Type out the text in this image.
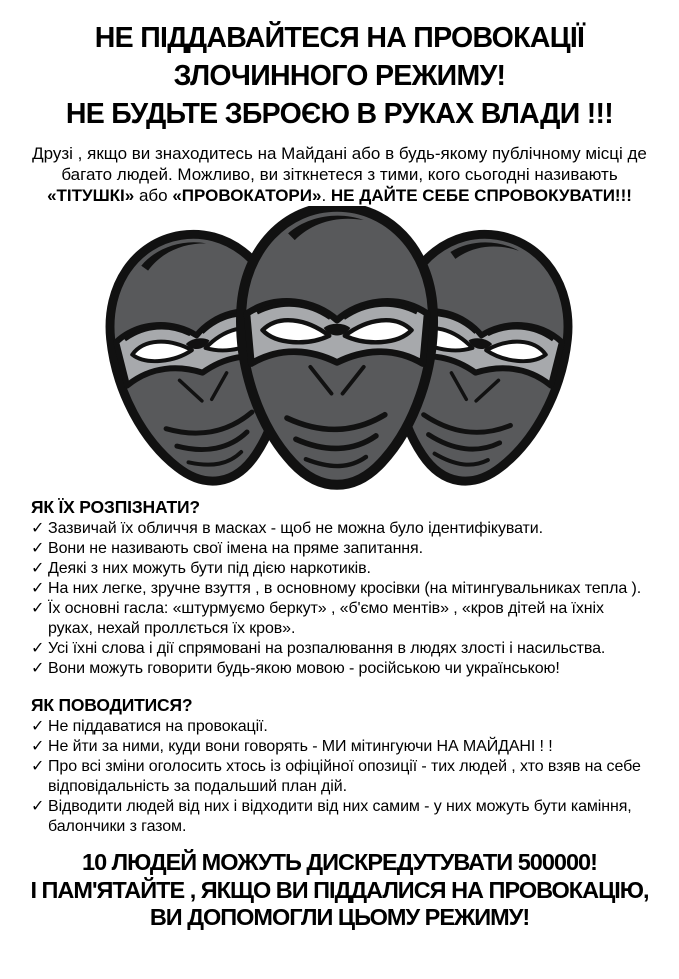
НЕ ПІДДАВАЙТЕСЯ НА ПРОВОКАЦІЇ
ЗЛОЧИННОГО РЕЖИМУ!
НЕ БУДЬТЕ ЗБРОЄЮ В РУКАХ ВЛАДИ !!!

Друзі , якщо ви знаходитесь на Майдані або в будь-якому публічному місці де багато людей. Можливо, ви зіткнетеся з тими, кого сьогодні називають «ТІТУШКІ» або «ПРОВОКАТОРИ». НЕ ДАЙТЕ СЕБЕ СПРОВОКУВАТИ!!!

ЯК ЇХ РОЗПІЗНАТИ?
✓ Зазвичай їх обличчя в масках - щоб не можна було ідентифікувати.
✓ Вони не називають свої імена на пряме запитання.
✓ Деякі з них можуть бути під дією наркотиків.
✓ На них легке, зручне взуття , в основному кросівки (на мітингувальниках тепла ).
✓ Їх основні гасла: «штурмуємо беркут» , «б'ємо ментів» , «кров дітей на їхніх руках, нехай проллється їх кров».
✓ Усі їхні слова і дії спрямовані на розпалювання в людях злості і насильства.
✓ Вони можуть говорити будь-якою мовою - російською чи українською!
ЯК ПОВОДИТИСЯ?
✓ Не піддаватися на провокації.
✓ Не йти за ними, куди вони говорять - МИ мітингуючи НА МАЙДАНІ ! !
✓ Про всі зміни оголосить хтось із офіційної опозиції - тих людей , хто взяв на себе відповідальність за подальший план дій.
✓ Відводити людей від них і відходити від них самим - у них можуть бути каміння, балончики з газом.
10 ЛЮДЕЙ МОЖУТЬ ДИСКРЕДУТУВАТИ 500000!
І ПАМ'ЯТАЙТЕ , ЯКЩО ВИ ПІДДАЛИСЯ НА ПРОВОКАЦІЮ,
ВИ ДОПОМОГЛИ ЦЬОМУ РЕЖИМУ!
